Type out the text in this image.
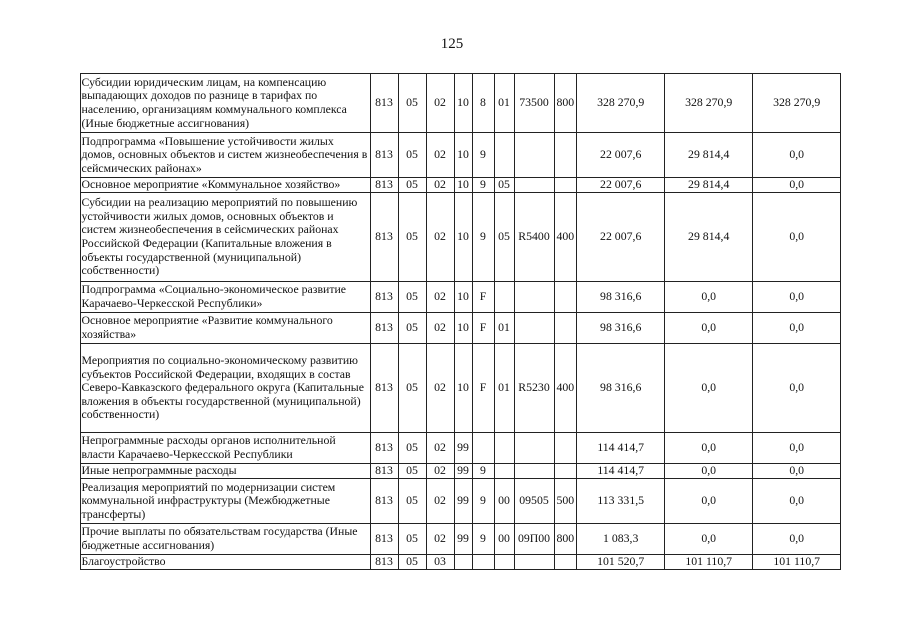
125
	Субсидии юридическим лицам, на компенсацию выпадающих доходов по разнице в тарифах по населению, организациям коммунального комплекса (Иные бюджетные ассигнования)	813	05	02	10	8	01	73500	800	328 270,9	328 270,9	328 270,9
	Подпрограмма «Повышение устойчивости жилых домов, основных объектов и систем жизнеобеспечения в сейсмических районах»	813	05	02	10	9				22 007,6	29 814,4	0,0
	Основное мероприятие «Коммунальное хозяйство»	813	05	02	10	9	05			22 007,6	29 814,4	0,0
	Субсидии на реализацию мероприятий по повышению устойчивости жилых домов, основных объектов и систем жизнеобеспечения в сейсмических районах Российской Федерации (Капитальные вложения в объекты государственной (муниципальной) собственности)	813	05	02	10	9	05	R5400	400	22 007,6	29 814,4	0,0
	Подпрограмма «Социально-экономическое развитие Карачаево-Черкесской Республики»	813	05	02	10	F				98 316,6	0,0	0,0
	Основное мероприятие «Развитие коммунального хозяйства»	813	05	02	10	F	01			98 316,6	0,0	0,0
	Мероприятия по социально-экономическому развитию субъектов Российской Федерации, входящих в состав Северо-Кавказского федерального округа (Капитальные вложения в объекты государственной (муниципальной) собственности)	813	05	02	10	F	01	R5230	400	98 316,6	0,0	0,0
	Непрограммные расходы органов исполнительной власти Карачаево-Черкесской Республики	813	05	02	99					114 414,7	0,0	0,0
	Иные непрограммные расходы	813	05	02	99	9				114 414,7	0,0	0,0
	Реализация мероприятий по модернизации систем коммунальной инфраструктуры (Межбюджетные трансферты)	813	05	02	99	9	00	09505	500	113 331,5	0,0	0,0
	Прочие выплаты по обязательствам государства (Иные бюджетные ассигнования)	813	05	02	99	9	00	09П00	800	1 083,3	0,0	0,0
	Благоустройство	813	05	03						101 520,7	101 110,7	101 110,7
